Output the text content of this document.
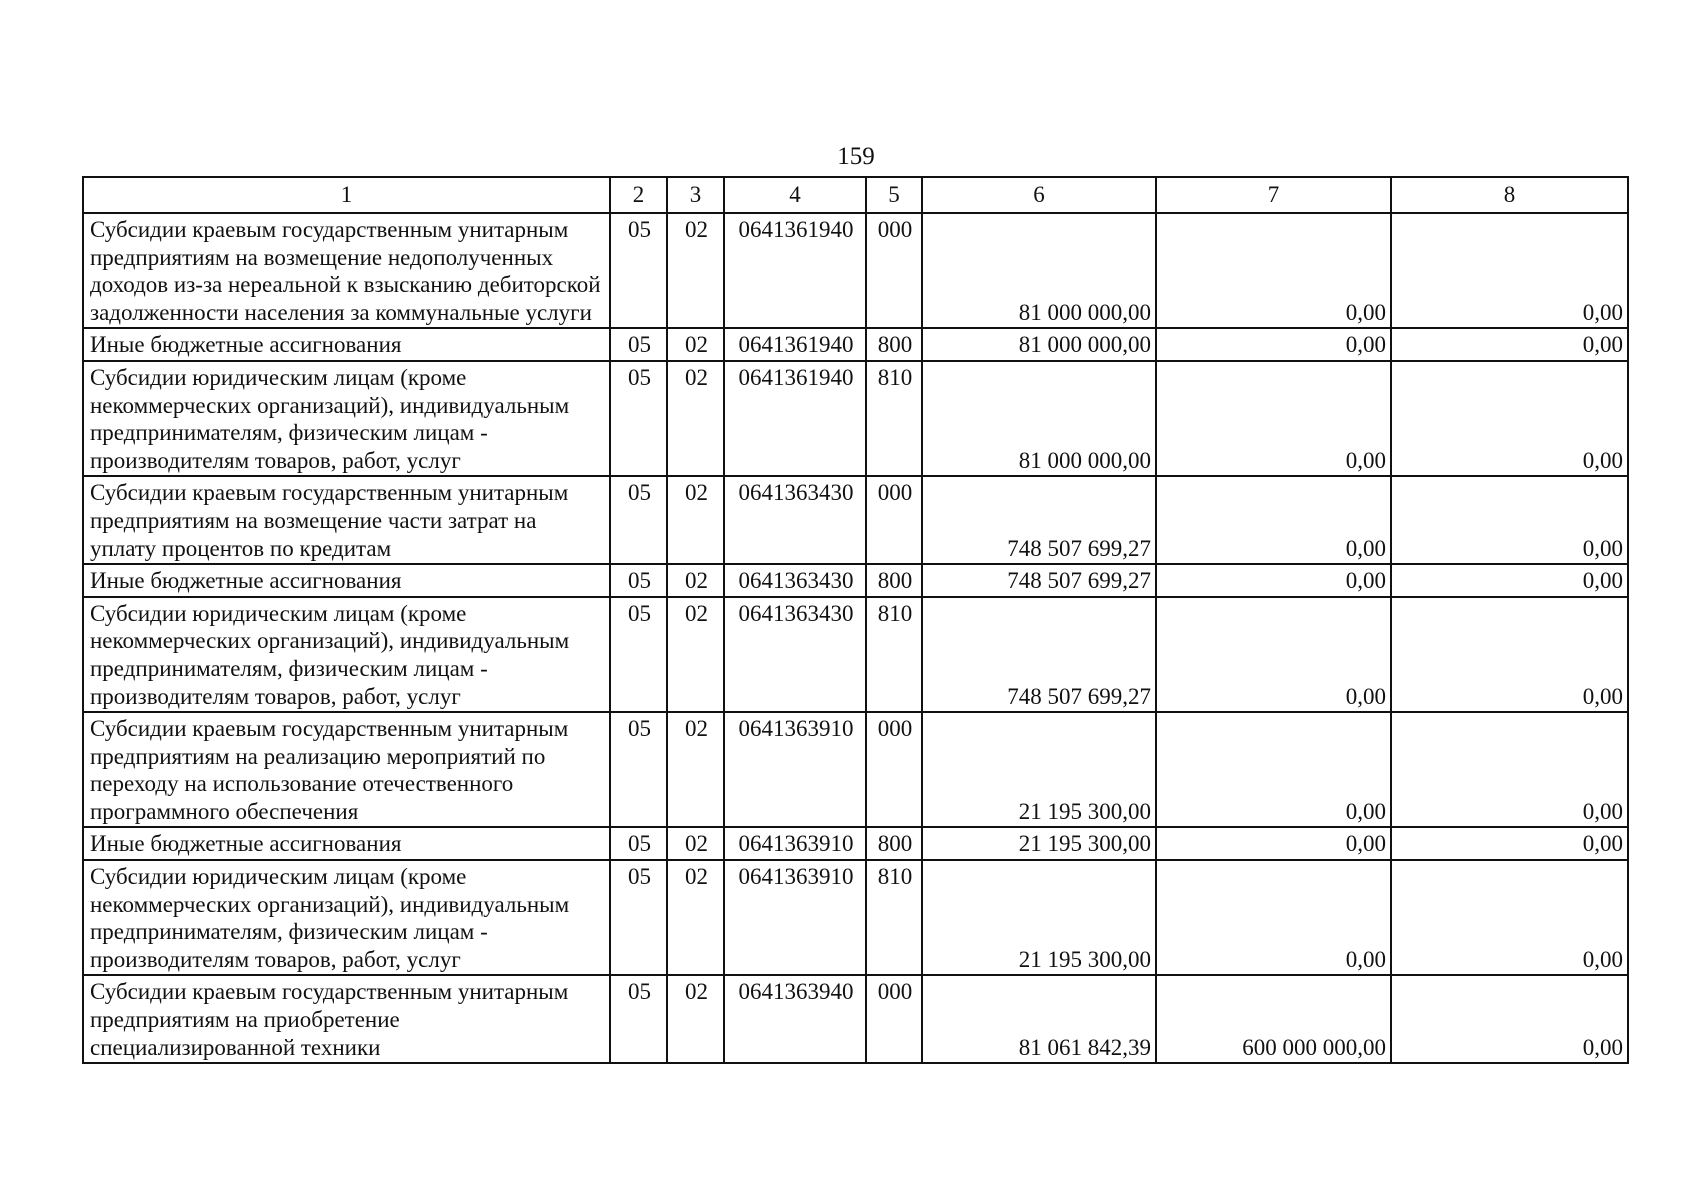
159
1	2	3	4	5	6	7	8
Субсидии краевым государственным унитарным предприятиям на возмещение недополученных доходов из-за нереальной к взысканию дебиторской задолженности населения за коммунальные услуги	05	02	0641361940	000	81 000 000,00	0,00	0,00
Иные бюджетные ассигнования	05	02	0641361940	800	81 000 000,00	0,00	0,00
Субсидии юридическим лицам (кроме некоммерческих организаций), индивидуальным предпринимателям, физическим лицам - производителям товаров, работ, услуг	05	02	0641361940	810	81 000 000,00	0,00	0,00
Субсидии краевым государственным унитарным предприятиям на возмещение части затрат на уплату процентов по кредитам	05	02	0641363430	000	748 507 699,27	0,00	0,00
Иные бюджетные ассигнования	05	02	0641363430	800	748 507 699,27	0,00	0,00
Субсидии юридическим лицам (кроме некоммерческих организаций), индивидуальным предпринимателям, физическим лицам - производителям товаров, работ, услуг	05	02	0641363430	810	748 507 699,27	0,00	0,00
Субсидии краевым государственным унитарным предприятиям на реализацию мероприятий по переходу на использование отечественного программного обеспечения	05	02	0641363910	000	21 195 300,00	0,00	0,00
Иные бюджетные ассигнования	05	02	0641363910	800	21 195 300,00	0,00	0,00
Субсидии юридическим лицам (кроме некоммерческих организаций), индивидуальным предпринимателям, физическим лицам - производителям товаров, работ, услуг	05	02	0641363910	810	21 195 300,00	0,00	0,00
Субсидии краевым государственным унитарным предприятиям на приобретение специализированной техники	05	02	0641363940	000	81 061 842,39	600 000 000,00	0,00
